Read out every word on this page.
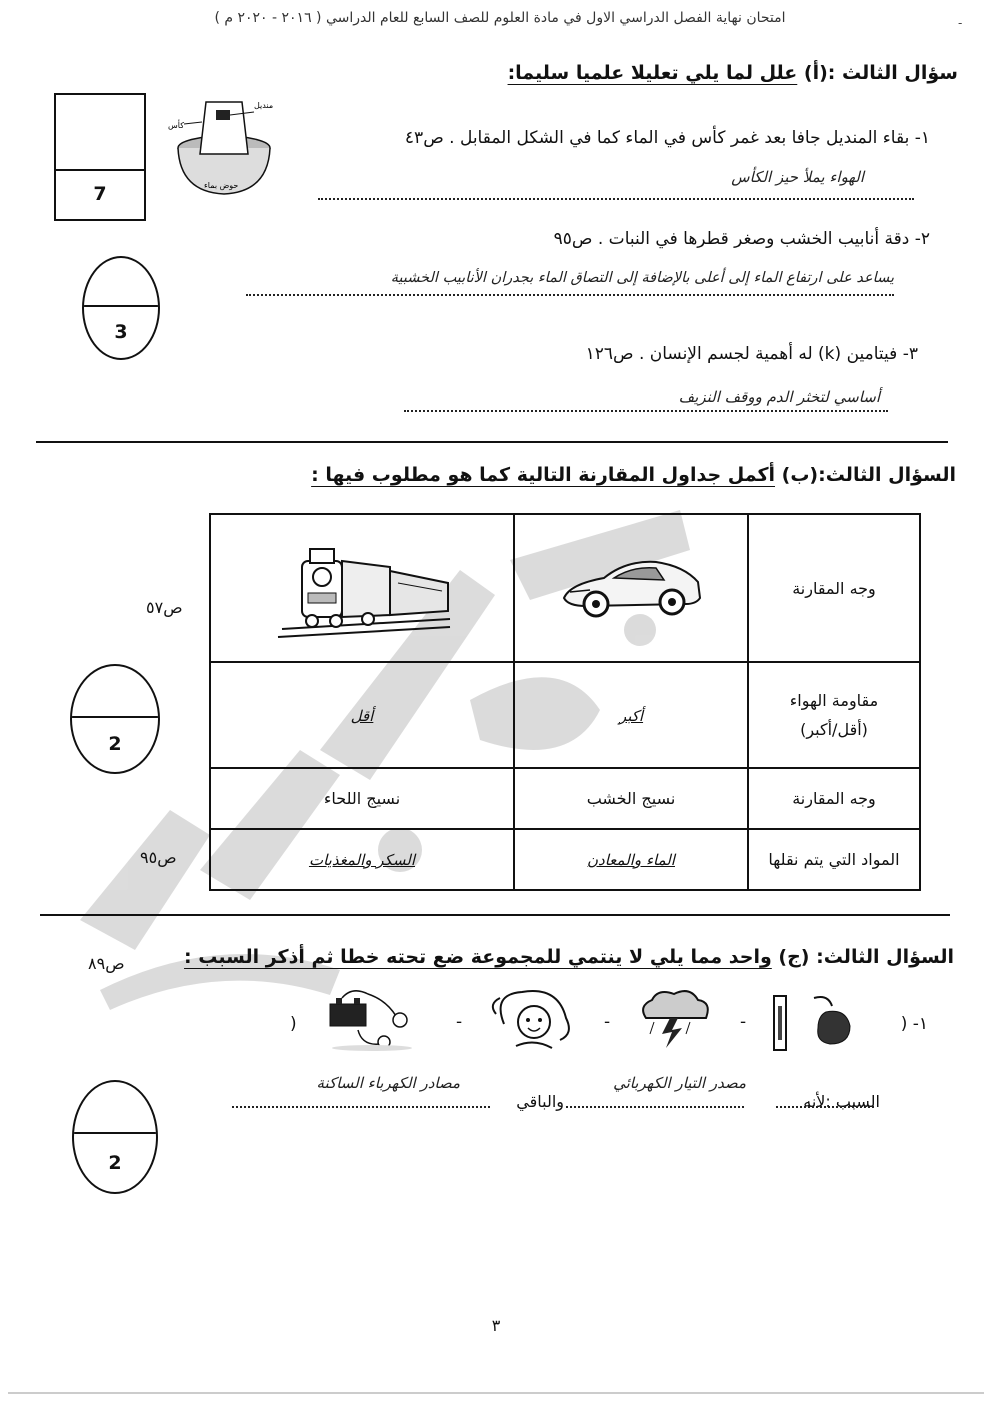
امتحان نهاية الفصل الدراسي الاول في مادة العلوم للصف السابع للعام الدراسي ( ٢٠١٦ - ٢٠٢٠ م )	-
سؤال الثالث :(أ) علل لما يلي تعليلا علميا سليما:
7
منديل
كأس
حوض بماء
١- بقاء المنديل جافا بعد غمر كأس في الماء كما في الشكل المقابل . ص٤٣
الهواء يملأ حيز الكأس
3
٢- دقة أنابيب الخشب وصغر قطرها في النبات . ص٩٥
يساعد على ارتفاع الماء إلى أعلى بالإضافة إلى التصاق الماء بجدران الأنابيب الخشبية
٣- فيتامين (k) له أهمية لجسم الإنسان . ص١٢٦
أساسي لتخثر الدم ووقف النزيف
السؤال الثالث:(ب) أكمل جداول المقارنة التالية كما هو مطلوب فيها :
ص٥٧
ص٩٥
2
وجه المقارنة		

مقاومة الهواء
(أقل/أكبر)	أكبر	أقل
وجه المقارنة	نسيج الخشب	نسيج اللحاء
المواد التي يتم نقلها	الماء والمعادن	السكر والمغذيات
السؤال الثالث: (ج) واحد مما يلي لا ينتمي للمجموعة ضع تحته خطا ثم أذكر السبب :
ص٨٩
١- (
-
-
-
)
2
مصدر التيار الكهربائي
مصادر الكهرباء الساكنة
السبب :لأنه
والباقي
٣
